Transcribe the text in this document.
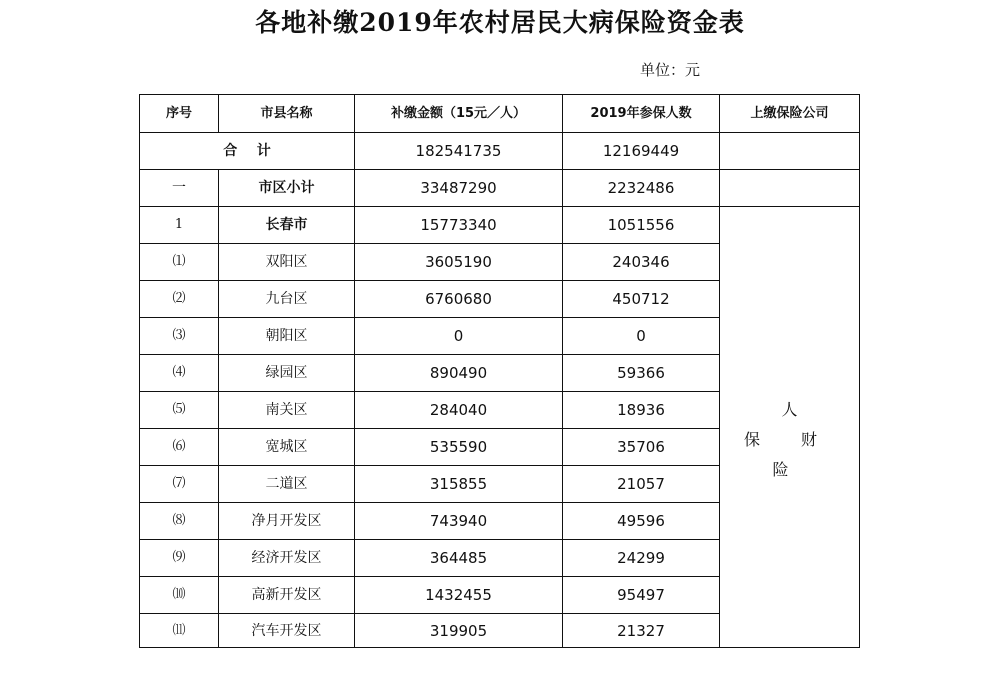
各地补缴2019年农村居民大病保险资金表
单位：元
序号	市县名称	补缴金额（15元／人）	2019年参保人数	上缴保险公司
合    计		182541735	12169449	
一	市区小计	33487290	2232486	
1	长春市	15773340	1051556	人 保 财 险

⑴	双阳区	3605190	240346	
⑵	九台区	6760680	450712	
⑶	朝阳区	0	0	
⑷	绿园区	890490	59366	
⑸	南关区	284040	18936	
⑹	宽城区	535590	35706	
⑺	二道区	315855	21057	
⑻	净月开发区	743940	49596	
⑼	经济开发区	364485	24299	
⑽	高新开发区	1432455	95497	
⑾	汽车开发区	319905	21327	
